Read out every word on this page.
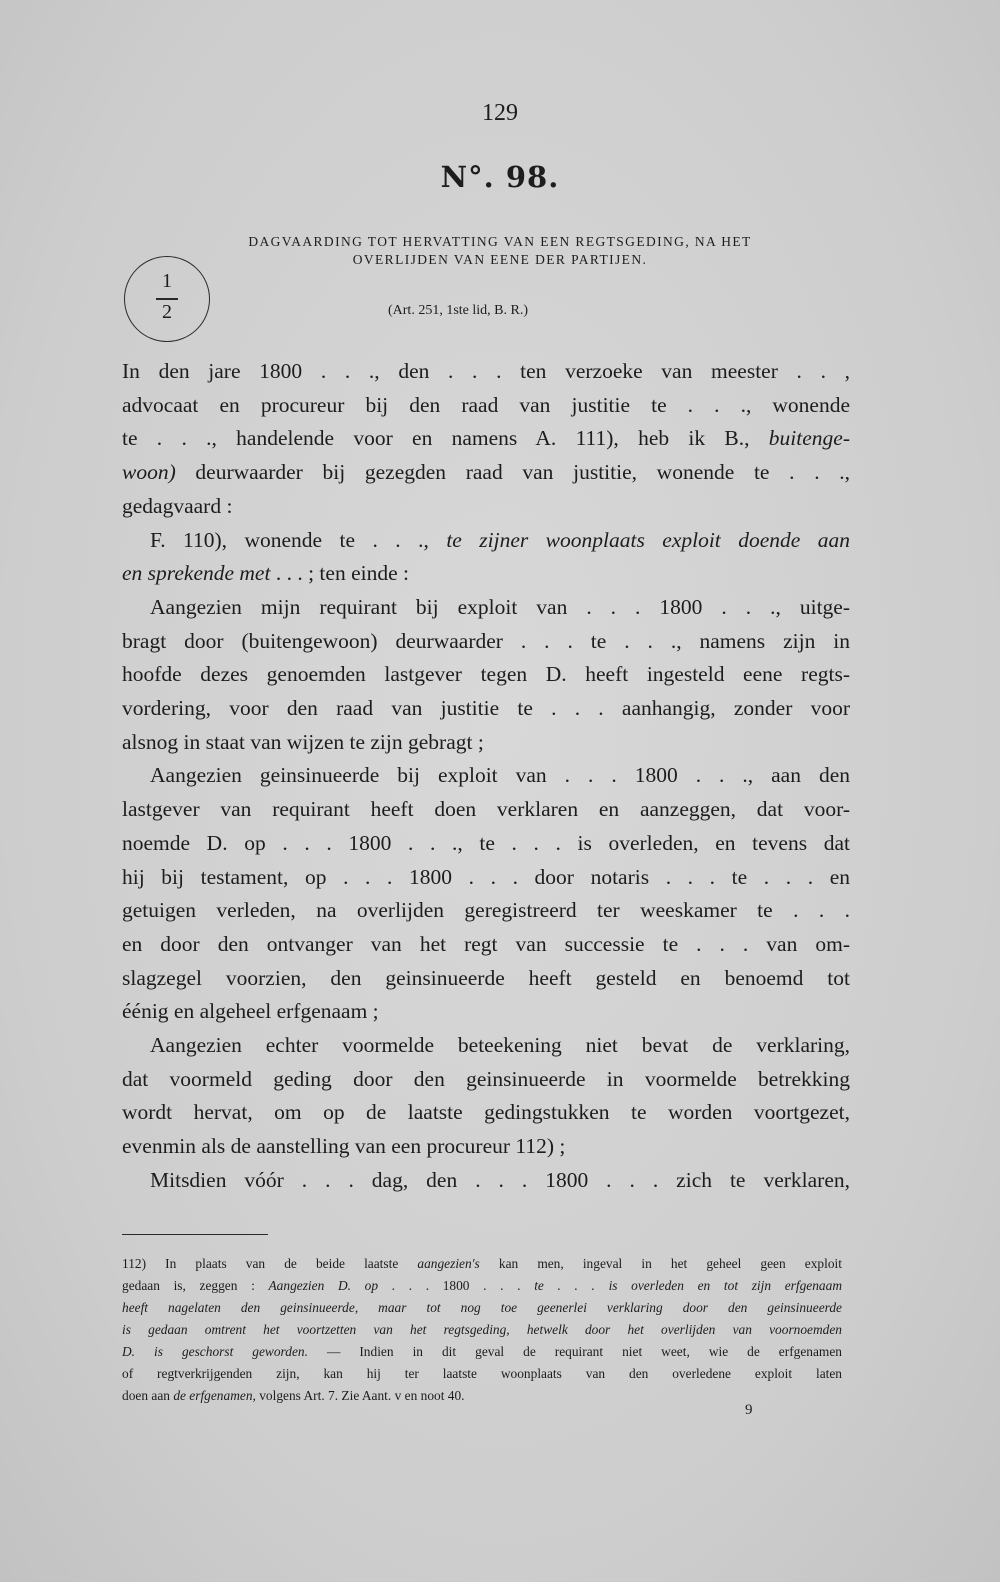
129
N°. 98.
DAGVAARDING TOT HERVATTING VAN EEN REGTSGEDING, NA HET
OVERLIJDEN VAN EENE DER PARTIJEN.
1
2	(Art. 251, 1ste lid, B. R.)
In den jare 1800 . . ., den . . . ten verzoeke van meester . . ,
advocaat en procureur bij den raad van justitie te . . ., wonende
te . . ., handelende voor en namens A. 111), heb ik B., buitenge-
woon) deurwaarder bij gezegden raad van justitie, wonende te . . .,
gedagvaard :
F. 110), wonende te . . ., te zijner woonplaats exploit doende aan
en sprekende met . . . ; ten einde :
Aangezien mijn requirant bij exploit van . . . 1800 . . ., uitge-
bragt door (buitengewoon) deurwaarder . . . te . . ., namens zijn in
hoofde dezes genoemden lastgever tegen D. heeft ingesteld eene regts-
vordering, voor den raad van justitie te . . . aanhangig, zonder voor
alsnog in staat van wijzen te zijn gebragt ;
Aangezien geinsinueerde bij exploit van . . . 1800 . . ., aan den
lastgever van requirant heeft doen verklaren en aanzeggen, dat voor-
noemde D. op . . . 1800 . . ., te . . . is overleden, en tevens dat
hij bij testament, op . . . 1800 . . . door notaris . . . te . . . en
getuigen verleden, na overlijden geregistreerd ter weeskamer te . . .
en door den ontvanger van het regt van successie te . . . van om-
slagzegel voorzien, den geinsinueerde heeft gesteld en benoemd tot
éénig en algeheel erfgenaam ;
Aangezien echter voormelde beteekening niet bevat de verklaring,
dat voormeld geding door den geinsinueerde in voormelde betrekking
wordt hervat, om op de laatste gedingstukken te worden voortgezet,
evenmin als de aanstelling van een procureur 112) ;
Mitsdien vóór . . . dag, den . . . 1800 . . . zich te verklaren,
112) In plaats van de beide laatste aangezien's kan men, ingeval in het geheel geen exploit
gedaan is, zeggen : Aangezien D. op . . . 1800 . . . te . . . is overleden en tot zijn erfgenaam
heeft nagelaten den geinsinueerde, maar tot nog toe geenerlei verklaring door den geinsinueerde
is gedaan omtrent het voortzetten van het regtsgeding, hetwelk door het overlijden van voornoemden
D. is geschorst geworden. — Indien in dit geval de requirant niet weet, wie de erfgenamen
of regtverkrijgenden zijn, kan hij ter laatste woonplaats van den overledene exploit laten
doen aan de erfgenamen, volgens Art. 7. Zie Aant. v en noot 40.
9
